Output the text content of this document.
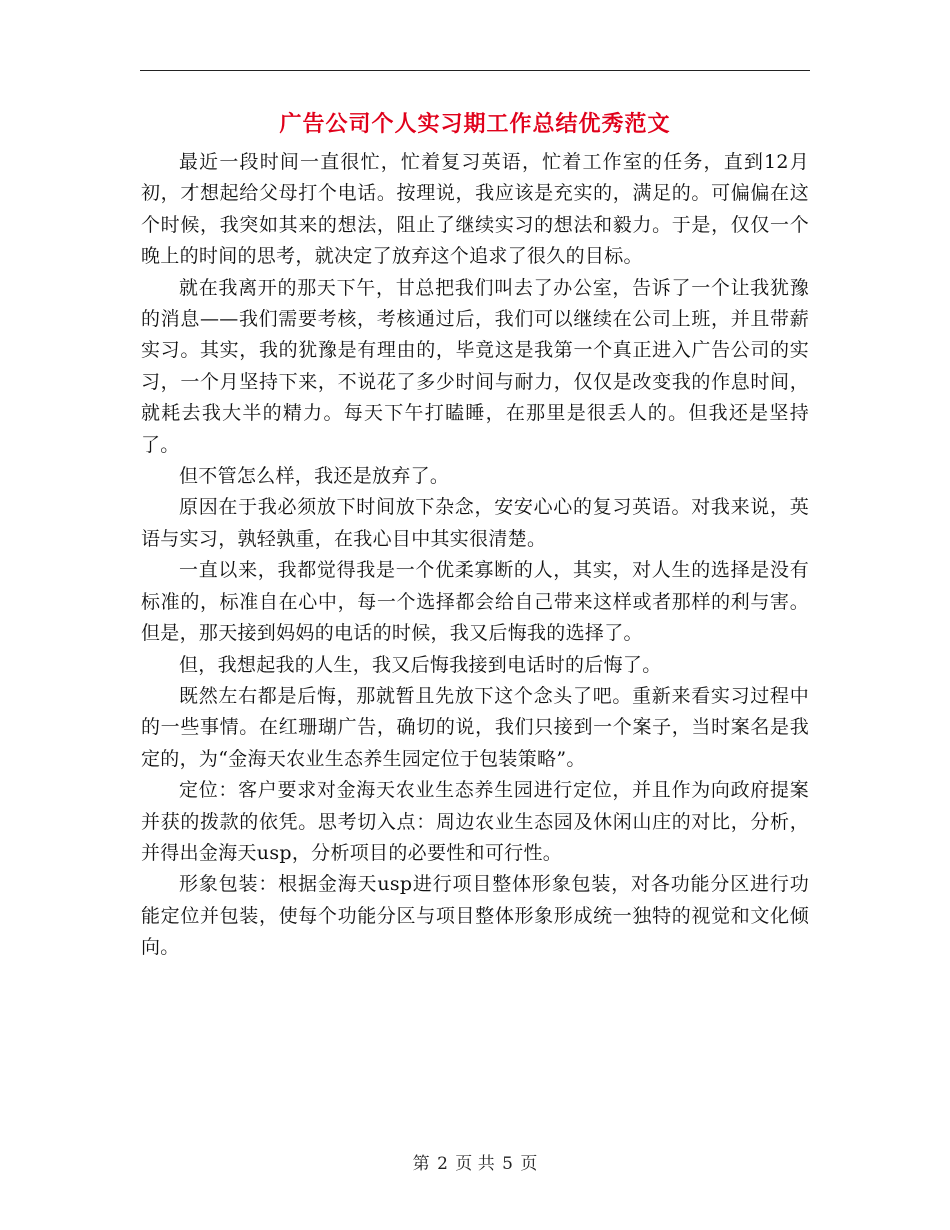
广告公司个人实习期工作总结优秀范文

最近一段时间一直很忙，忙着复习英语，忙着工作室的任务，直到12月初，才想起给父母打个电话。按理说，我应该是充实的，满足的。可偏偏在这个时候，我突如其来的想法，阻止了继续实习的想法和毅力。于是，仅仅一个晚上的时间的思考，就决定了放弃这个追求了很久的目标。

就在我离开的那天下午，甘总把我们叫去了办公室，告诉了一个让我犹豫的消息——我们需要考核，考核通过后，我们可以继续在公司上班，并且带薪实习。其实，我的犹豫是有理由的，毕竟这是我第一个真正进入广告公司的实习，一个月坚持下来，不说花了多少时间与耐力，仅仅是改变我的作息时间，就耗去我大半的精力。每天下午打瞌睡，在那里是很丢人的。但我还是坚持了。

但不管怎么样，我还是放弃了。

原因在于我必须放下时间放下杂念，安安心心的复习英语。对我来说，英语与实习，孰轻孰重，在我心目中其实很清楚。

一直以来，我都觉得我是一个优柔寡断的人，其实，对人生的选择是没有标准的，标准自在心中，每一个选择都会给自己带来这样或者那样的利与害。但是，那天接到妈妈的电话的时候，我又后悔我的选择了。

但，我想起我的人生，我又后悔我接到电话时的后悔了。

既然左右都是后悔，那就暂且先放下这个念头了吧。重新来看实习过程中的一些事情。在红珊瑚广告，确切的说，我们只接到一个案子，当时案名是我定的，为“金海天农业生态养生园定位于包装策略”。

定位：客户要求对金海天农业生态养生园进行定位，并且作为向政府提案并获的拨款的依凭。思考切入点：周边农业生态园及休闲山庄的对比，分析，并得出金海天usp，分析项目的必要性和可行性。

形象包装：根据金海天usp进行项目整体形象包装，对各功能分区进行功能定位并包装，使每个功能分区与项目整体形象形成统一独特的视觉和文化倾向。

第 2 页 共 5 页
